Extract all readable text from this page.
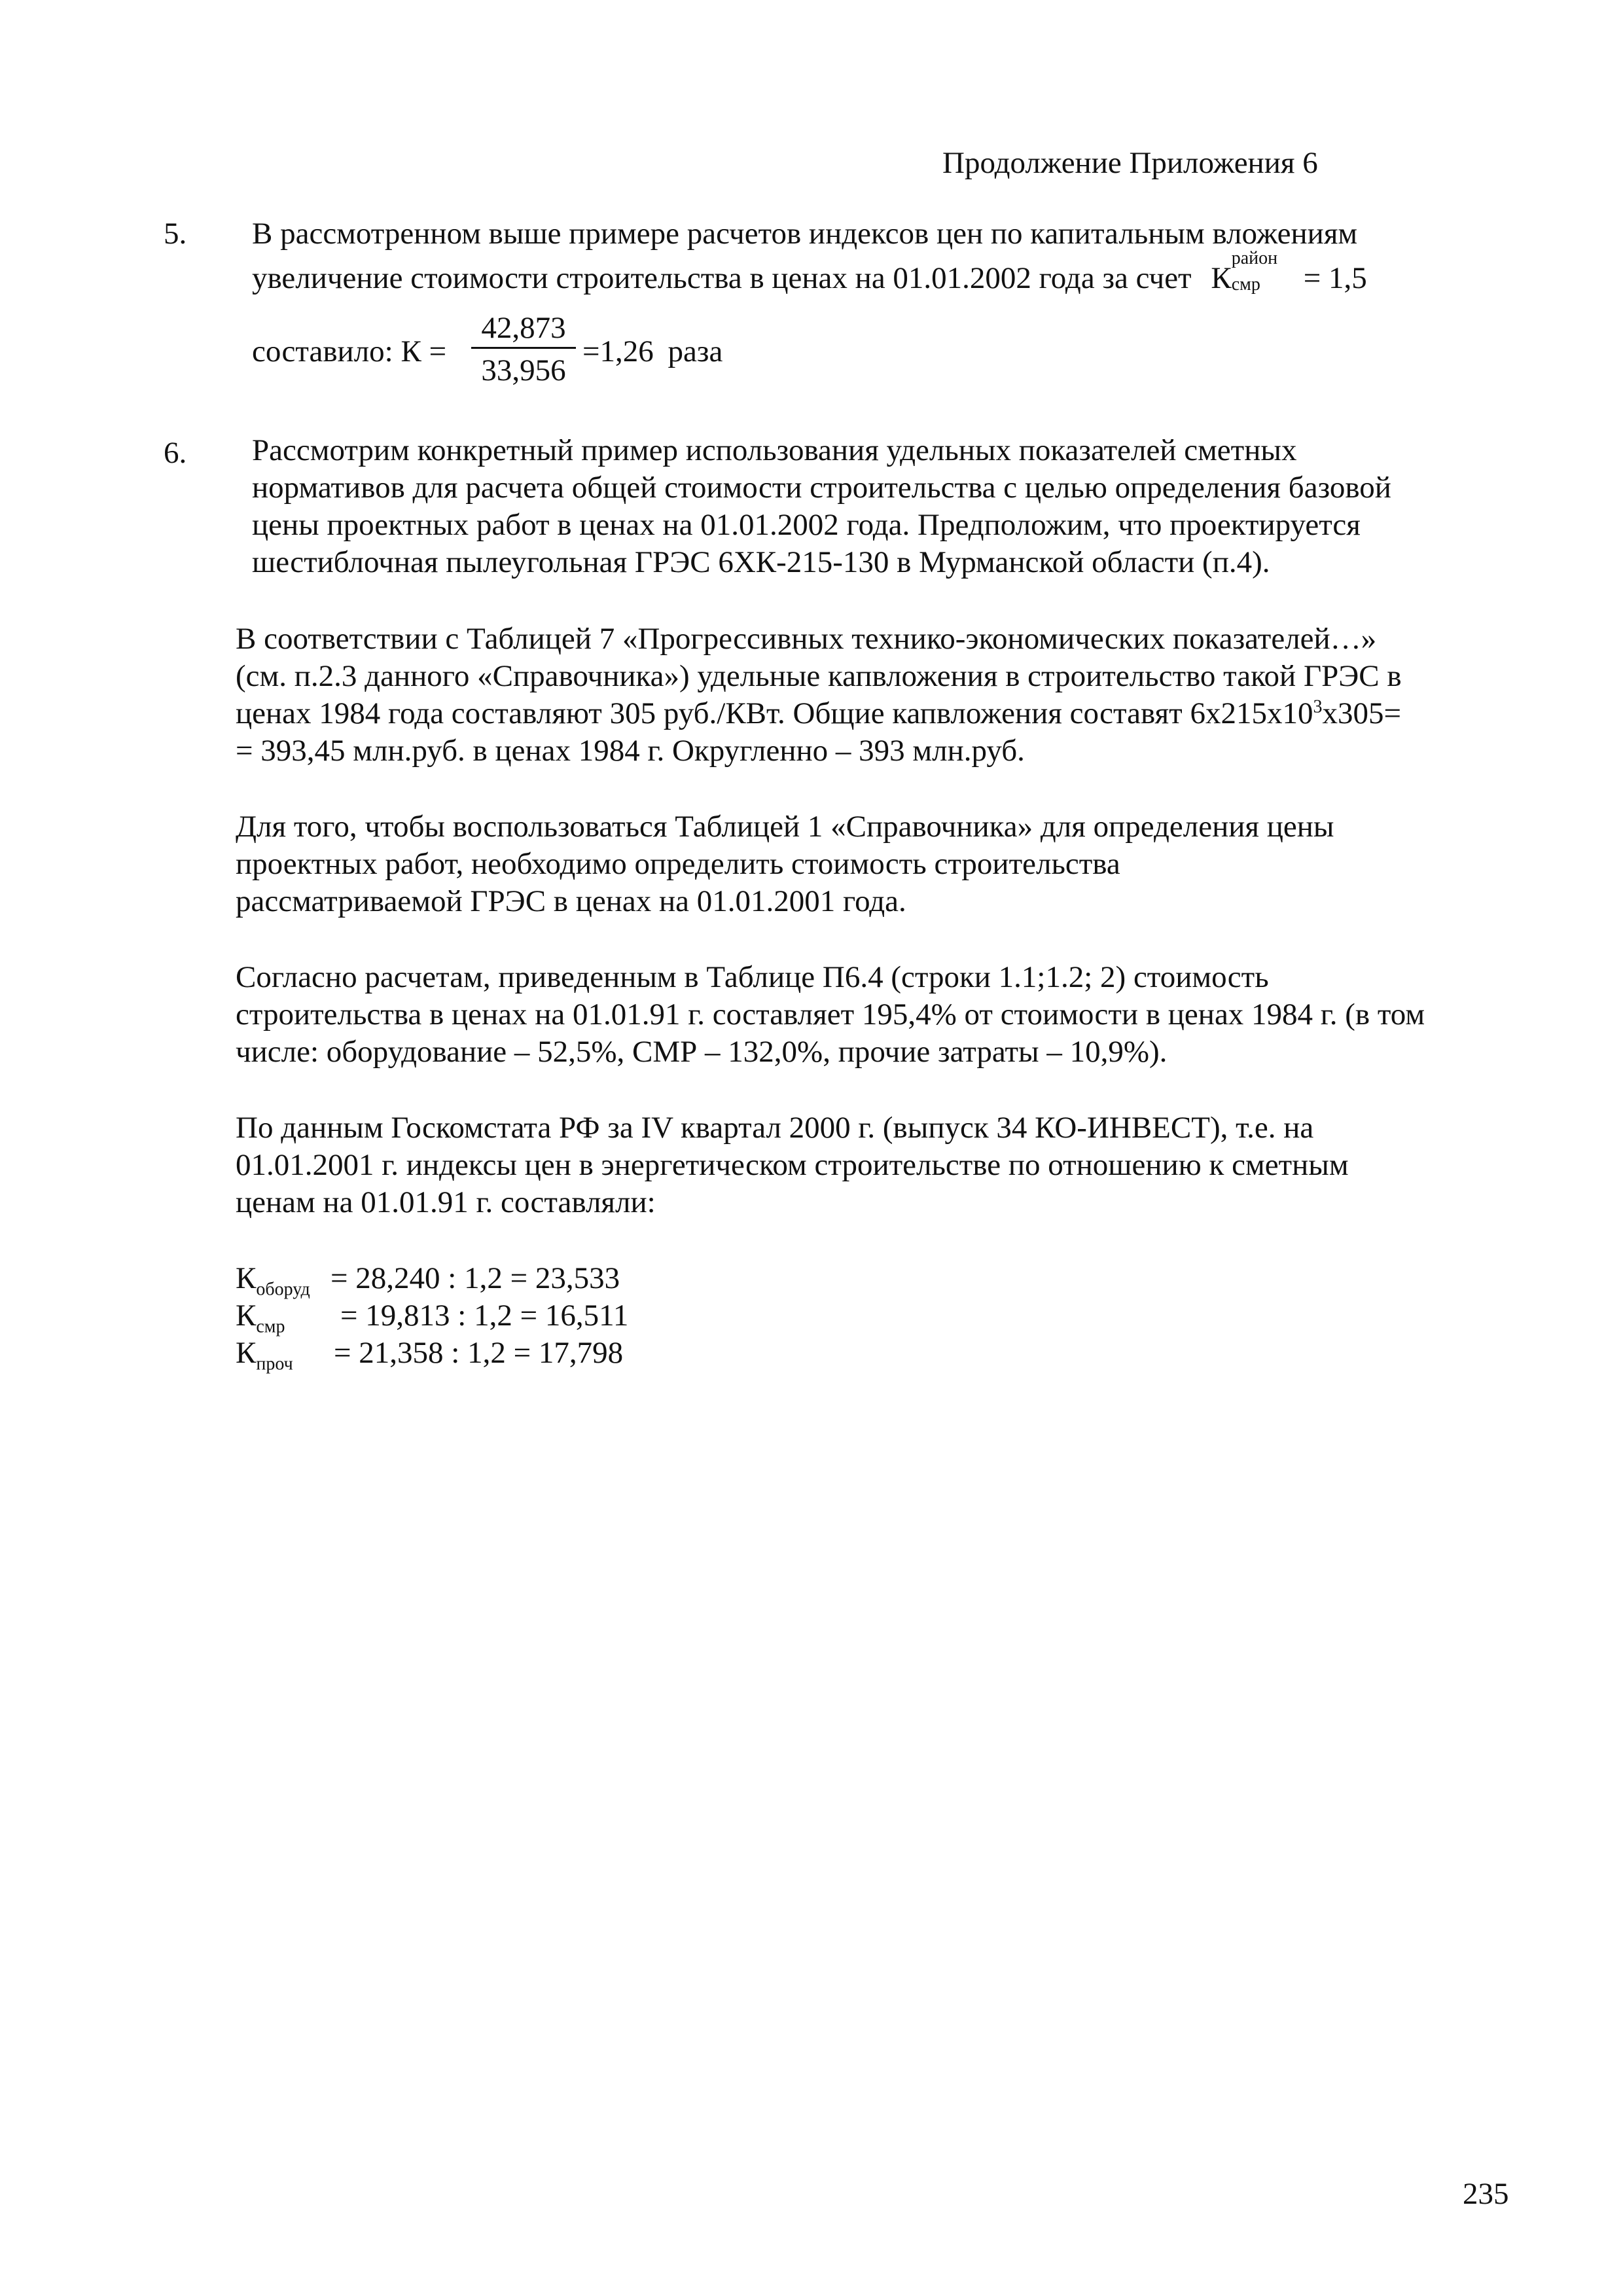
Продолжение Приложения 6
5. В рассмотренном выше примере расчетов индексов цен по капитальным вложениям
увеличение стоимости строительства в ценах на 01.01.2002 года за счет К
район
смр = 1,5
составило: К =
42,873
33,956
=1,26 раза
6. Рассмотрим конкретный пример использования удельных показателей сметных
нормативов для расчета общей стоимости строительства с целью определения базовой
цены проектных работ в ценах на 01.01.2002 года. Предположим, что проектируется
шестиблочная пылеугольная ГРЭС 6ХК-215-130 в Мурманской области (п.4).
В соответствии с Таблицей 7 «Прогрессивных технико-экономических показателей…»
(см. п.2.3 данного «Справочника») удельные капвложения в строительство такой ГРЭС в
ценах 1984 года составляют 305 руб./КВт. Общие капвложения составят $6х215х10^3х305=$
= 393,45 млн.руб. в ценах 1984 г. Округленно – 393 млн.руб.
Для того, чтобы воспользоваться Таблицей 1 «Справочника» для определения цены
проектных работ, необходимо определить стоимость строительства
рассматриваемой ГРЭС в ценах на 01.01.2001 года.
Согласно расчетам, приведенным в Таблице П6.4 (строки 1.1;1.2; 2) стоимость
строительства в ценах на 01.01.91 г. составляет 195,4% от стоимости в ценах 1984 г. (в том
числе: оборудование – 52,5%, СМР – 132,0%, прочие затраты – 10,9%).
По данным Госкомстата РФ за IV квартал 2000 г. (выпуск 34 КО-ИНВЕСТ), т.е. на
01.01.2001 г. индексы цен в энергетическом строительстве по отношению к сметным
ценам на 01.01.91 г. составляли:
$К_{оборуд} = 28,240$ : 1,2 = 23,533
$К_{смр} = 19,813$ : 1,2 = 16,511
$К_{проч} = 21,358$ : 1,2 = 17,798
235
